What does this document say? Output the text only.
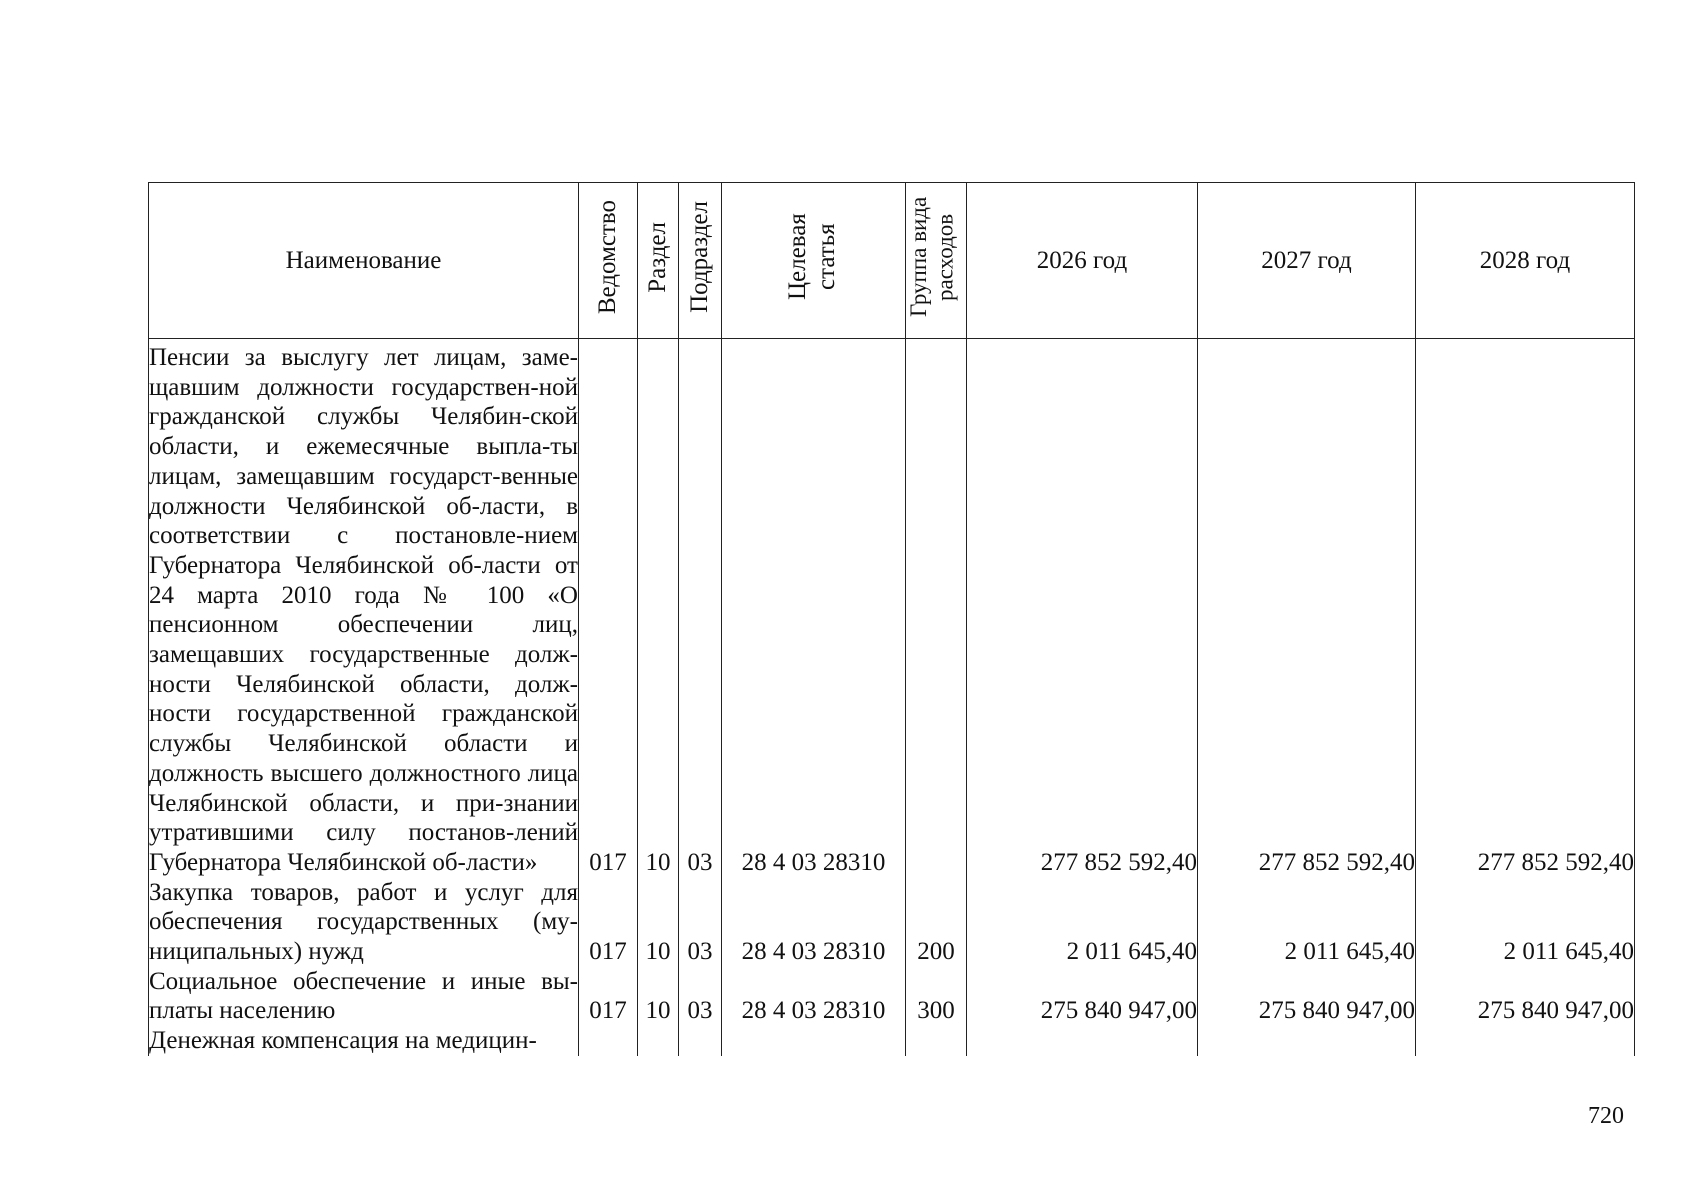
Наименование	Ведомство	Раздел	Подраздел	Целевая статья	Группа вида расходов	2026 год	2027 год	2028 год
Пенсии за выслугу лет лицам, заме-щавшим должности государствен-ной гражданской службы Челябин-ской области, и ежемесячные выпла-ты лицам, замещавшим государст-венные должности Челябинской об-ласти, в соответствии с постановле-нием Губернатора Челябинской об-ласти от 24 марта 2010 года № 100 «О пенсионном обеспечении лиц, замещавших государственные долж-ности Челябинской области, долж-ности государственной гражданской службы Челябинской области и должность высшего должностного лица Челябинской области, и при-знании утратившими силу постанов-лений Губернатора Челябинской об-ласти»	017	10	03	28 4 03 28310		277 852 592,40	277 852 592,40	277 852 592,40
Закупка товаров, работ и услуг для обеспечения государственных (му-ниципальных) нужд	017	10	03	28 4 03 28310	200	2 011 645,40	2 011 645,40	2 011 645,40
Социальное обеспечение и иные вы-платы населению	017	10	03	28 4 03 28310	300	275 840 947,00	275 840 947,00	275 840 947,00
Денежная компенсация на медицин-								
720
